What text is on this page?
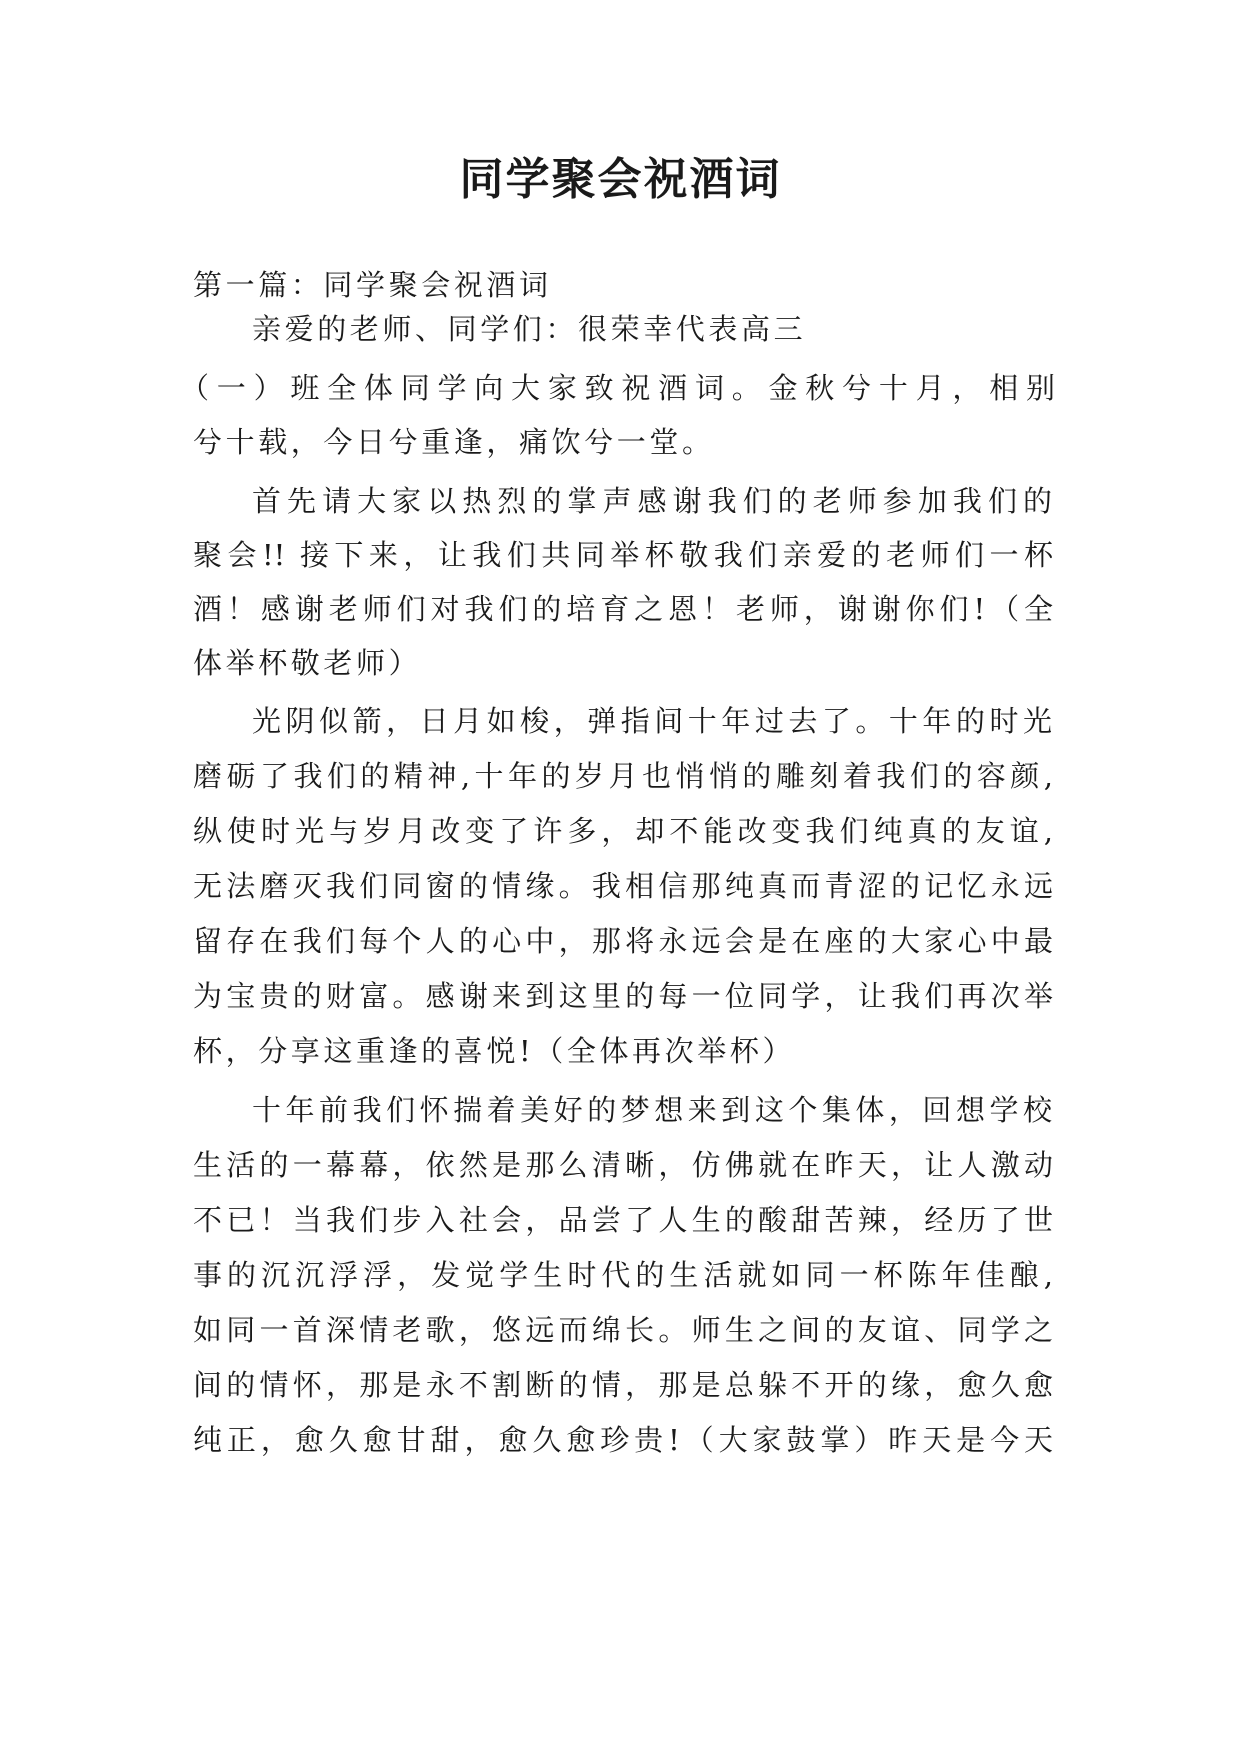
同学聚会祝酒词

第一篇：同学聚会祝酒词

亲爱的老师、同学们：很荣幸代表高三

（一）班全体同学向大家致祝酒词。金秋兮十月，相别

兮十载，今日兮重逢，痛饮兮一堂。

首先请大家以热烈的掌声感谢我们的老师参加我们的

聚会!! 接下来，让我们共同举杯敬我们亲爱的老师们一杯

酒！感谢老师们对我们的培育之恩！老师，谢谢你们!（全

体举杯敬老师）

光阴似箭，日月如梭，弹指间十年过去了。十年的时光

磨砺了我们的精神,十年的岁月也悄悄的雕刻着我们的容颜,

纵使时光与岁月改变了许多，却不能改变我们纯真的友谊,

无法磨灭我们同窗的情缘。我相信那纯真而青涩的记忆永远

留存在我们每个人的心中，那将永远会是在座的大家心中最

为宝贵的财富。感谢来到这里的每一位同学，让我们再次举

杯，分享这重逢的喜悦!（全体再次举杯）

十年前我们怀揣着美好的梦想来到这个集体，回想学校

生活的一幕幕，依然是那么清晰，仿佛就在昨天，让人激动

不已！当我们步入社会，品尝了人生的酸甜苦辣，经历了世

事的沉沉浮浮，发觉学生时代的生活就如同一杯陈年佳酿,

如同一首深情老歌，悠远而绵长。师生之间的友谊、同学之

间的情怀，那是永不割断的情，那是总躲不开的缘，愈久愈

纯正，愈久愈甘甜，愈久愈珍贵!（大家鼓掌）昨天是今天
